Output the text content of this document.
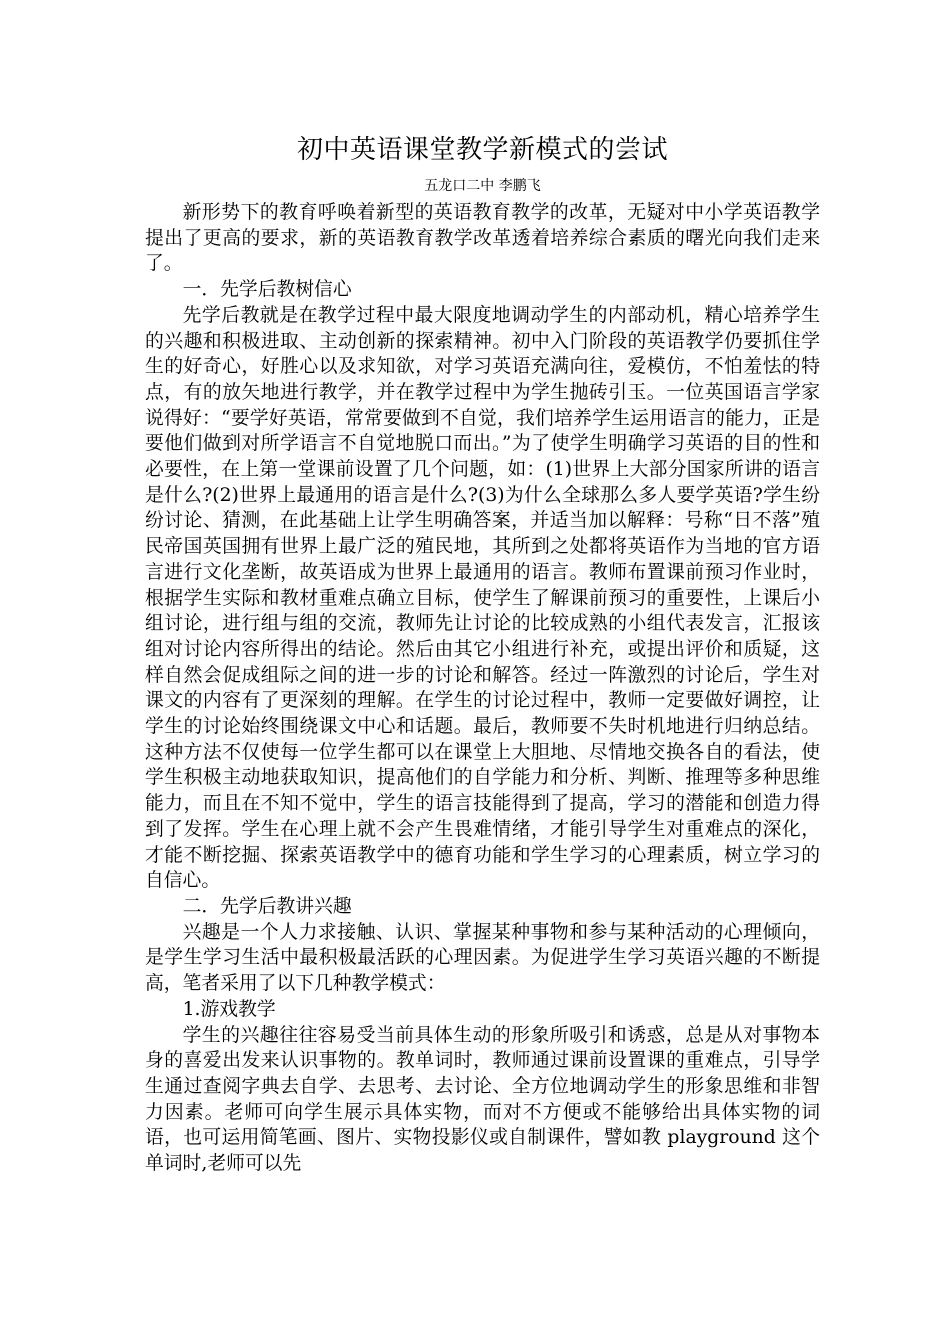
初中英语课堂教学新模式的尝试

五龙口二中 李鹏飞

新形势下的教育呼唤着新型的英语教育教学的改革，无疑对中小学英语教学提出了更高的要求，新的英语教育教学改革透着培养综合素质的曙光向我们走来了。

一．先学后教树信心

先学后教就是在教学过程中最大限度地调动学生的内部动机，精心培养学生的兴趣和积极进取、主动创新的探索精神。初中入门阶段的英语教学仍要抓住学生的好奇心，好胜心以及求知欲，对学习英语充满向往，爱模仿，不怕羞怯的特点，有的放矢地进行教学，并在教学过程中为学生抛砖引玉。一位英国语言学家说得好：“要学好英语，常常要做到不自觉，我们培养学生运用语言的能力，正是要他们做到对所学语言不自觉地脱口而出。”为了使学生明确学习英语的目的性和必要性，在上第一堂课前设置了几个问题，如：(1)世界上大部分国家所讲的语言是什么?(2)世界上最通用的语言是什么?(3)为什么全球那么多人要学英语?学生纷纷讨论、猜测，在此基础上让学生明确答案，并适当加以解释：号称“日不落”殖民帝国英国拥有世界上最广泛的殖民地，其所到之处都将英语作为当地的官方语言进行文化垄断，故英语成为世界上最通用的语言。教师布置课前预习作业时，根据学生实际和教材重难点确立目标，使学生了解课前预习的重要性，上课后小组讨论，进行组与组的交流，教师先让讨论的比较成熟的小组代表发言，汇报该组对讨论内容所得出的结论。然后由其它小组进行补充，或提出评价和质疑，这样自然会促成组际之间的进一步的讨论和解答。经过一阵激烈的讨论后，学生对课文的内容有了更深刻的理解。在学生的讨论过程中，教师一定要做好调控，让学生的讨论始终围绕课文中心和话题。最后，教师要不失时机地进行归纳总结。这种方法不仅使每一位学生都可以在课堂上大胆地、尽情地交换各自的看法，使学生积极主动地获取知识，提高他们的自学能力和分析、判断、推理等多种思维能力，而且在不知不觉中，学生的语言技能得到了提高，学习的潜能和创造力得到了发挥。学生在心理上就不会产生畏难情绪，才能引导学生对重难点的深化，才能不断挖掘、探索英语教学中的德育功能和学生学习的心理素质，树立学习的自信心。

二．先学后教讲兴趣

兴趣是一个人力求接触、认识、掌握某种事物和参与某种活动的心理倾向，是学生学习生活中最积极最活跃的心理因素。为促进学生学习英语兴趣的不断提高，笔者采用了以下几种教学模式：

1.游戏教学

学生的兴趣往往容易受当前具体生动的形象所吸引和诱惑，总是从对事物本身的喜爱出发来认识事物的。教单词时，教师通过课前设置课的重难点，引导学生通过查阅字典去自学、去思考、去讨论、全方位地调动学生的形象思维和非智力因素。老师可向学生展示具体实物，而对不方便或不能够给出具体实物的词语，也可运用简笔画、图片、实物投影仪或自制课件，譬如教 playground 这个单词时,老师可以先
